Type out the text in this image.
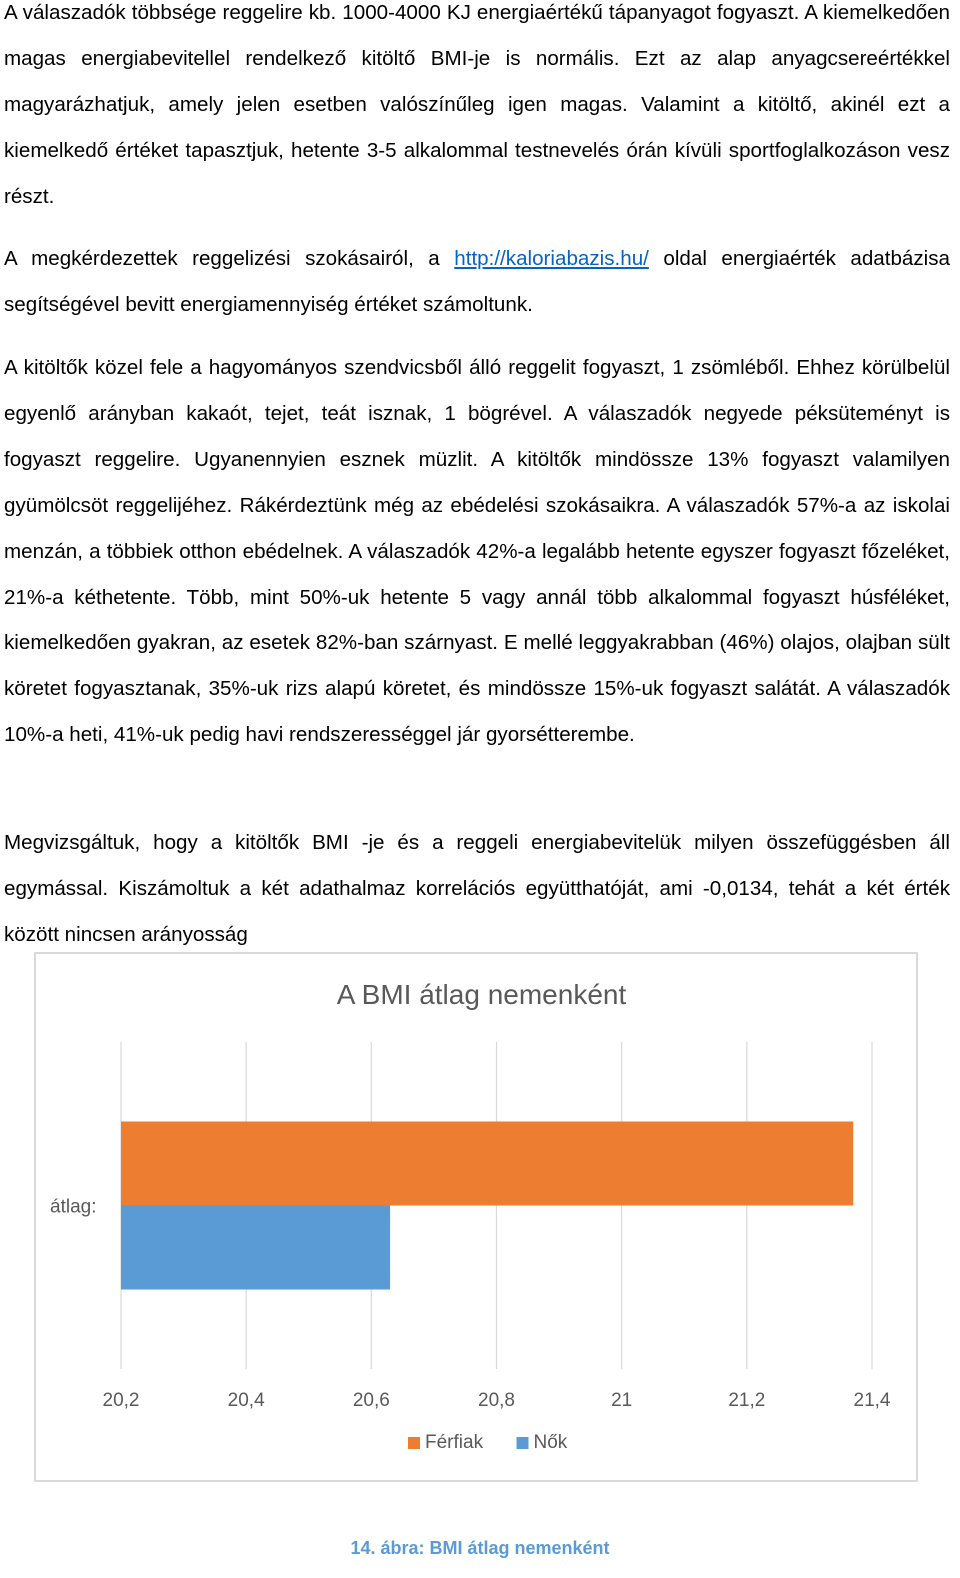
A válaszadók többsége reggelire kb. 1000-4000 KJ energiaértékű tápanyagot fogyaszt. A kiemelkedően magas energiabevitellel rendelkező kitöltő BMI-je is normális. Ezt az alap anyagcsereértékkel magyarázhatjuk, amely jelen esetben valószínűleg igen magas. Valamint a kitöltő, akinél ezt a kiemelkedő értéket tapasztjuk, hetente 3-5 alkalommal testnevelés órán kívüli sportfoglalkozáson vesz részt.

A megkérdezettek reggelizési szokásairól, a http://kaloriabazis.hu/ oldal energiaérték adatbázisa segítségével bevitt energiamennyiség értéket számoltunk.

A kitöltők közel fele a hagyományos szendvicsből álló reggelit fogyaszt, 1 zsömléből. Ehhez körülbelül egyenlő arányban kakaót, tejet, teát isznak, 1 bögrével. A válaszadók negyede péksüteményt is fogyaszt reggelire. Ugyanennyien esznek müzlit. A kitöltők mindössze 13% fogyaszt valamilyen gyümölcsöt reggelijéhez. Rákérdeztünk még az ebédelési szokásaikra. A válaszadók 57%-a az iskolai menzán, a többiek otthon ebédelnek. A válaszadók 42%-a legalább hetente egyszer fogyaszt főzeléket, 21%-a kéthetente. Több, mint 50%-uk hetente 5 vagy annál több alkalommal fogyaszt húsféléket, kiemelkedően gyakran, az esetek 82%-ban szárnyast. E mellé leggyakrabban (46%) olajos, olajban sült köretet fogyasztanak, 35%-uk rizs alapú köretet, és mindössze 15%-uk fogyaszt salátát. A válaszadók 10%-a heti, 41%-uk pedig havi rendszerességgel jár gyorsétterembe.

Megvizsgáltuk, hogy a kitöltők BMI -je és a reggeli energiabevitelük milyen összefüggésben áll egymással. Kiszámoltuk a két adathalmaz korrelációs együtthatóját, ami -0,0134, tehát a két érték között nincsen arányosság

A BMI átlag nemenként
20,2	20,4	20,6	20,8	21	21,2	21,4
átlag:
Férfiak	Nők
14. ábra: BMI átlag nemenként
